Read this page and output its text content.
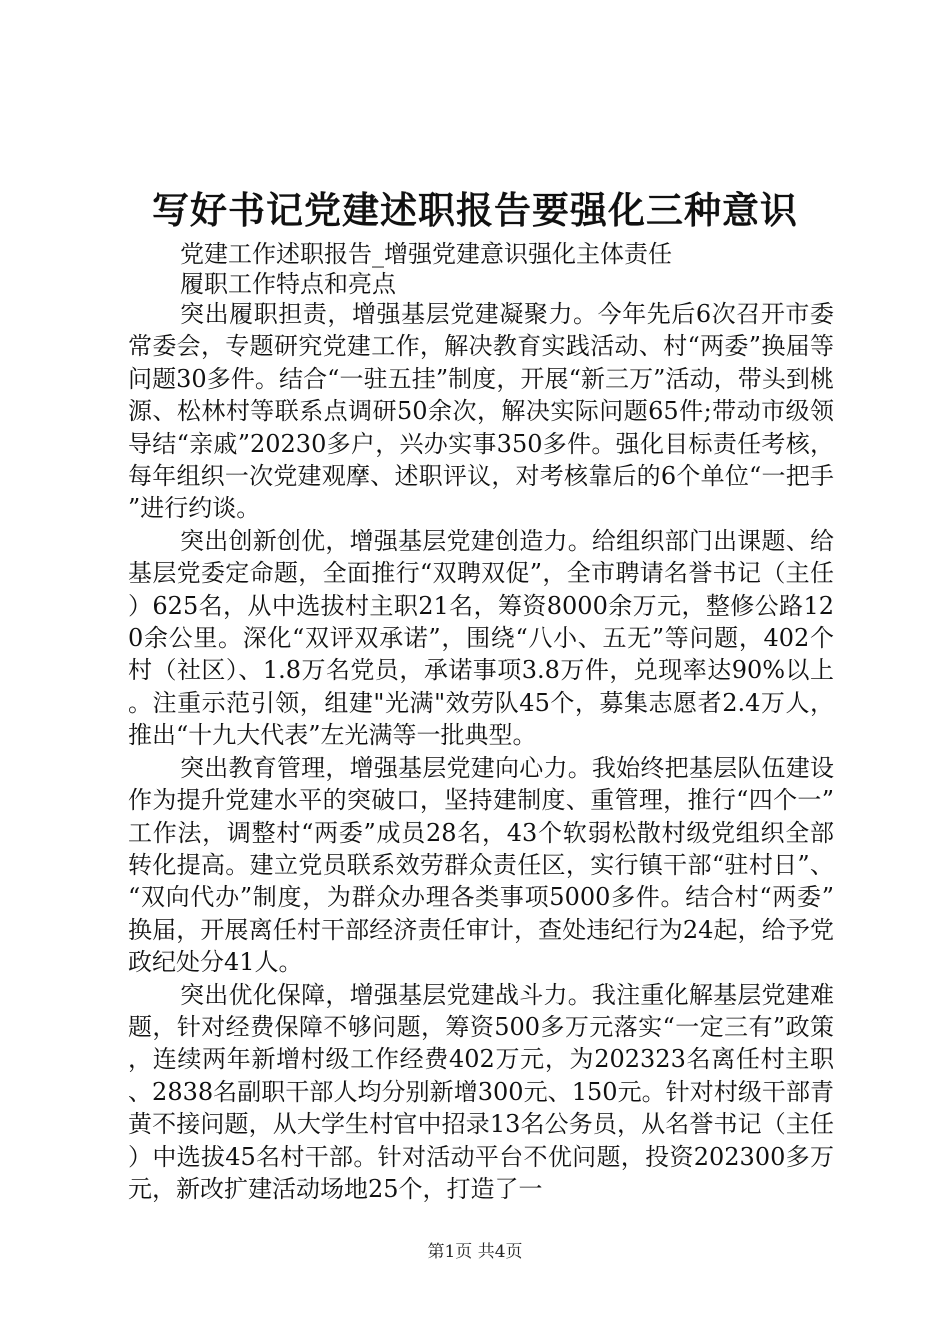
写好书记党建述职报告要强化三种意识
党建工作述职报告_增强党建意识强化主体责任
履职工作特点和亮点

突出履职担责，增强基层党建凝聚力。今年先后6次召开市委常委会，专题研究党建工作，解决教育实践活动、村“两委”换届等问题30多件。结合“一驻五挂”制度，开展“新三万”活动，带头到桃源、松林村等联系点调研50余次，解决实际问题65件;带动市级领导结“亲戚”20230多户，兴办实事350多件。强化目标责任考核，每年组织一次党建观摩、述职评议，对考核靠后的6个单位“一把手”进行约谈。

突出创新创优，增强基层党建创造力。给组织部门出课题、给基层党委定命题，全面推行“双聘双促”，全市聘请名誉书记（主任）625名，从中选拔村主职21名，筹资8000余万元，整修公路120余公里。深化“双评双承诺”，围绕“八小、五无”等问题，402个村（社区）、1.8万名党员，承诺事项3.8万件，兑现率达90%以上。注重示范引领，组建"光满"效劳队45个，募集志愿者2.4万人，推出“十九大代表”左光满等一批典型。

突出教育管理，增强基层党建向心力。我始终把基层队伍建设作为提升党建水平的突破口，坚持建制度、重管理，推行“四个一”工作法，调整村“两委”成员28名，43个软弱松散村级党组织全部转化提高。建立党员联系效劳群众责任区，实行镇干部“驻村日”、“双向代办”制度，为群众办理各类事项5000多件。结合村“两委”换届，开展离任村干部经济责任审计，查处违纪行为24起，给予党政纪处分41人。

突出优化保障，增强基层党建战斗力。我注重化解基层党建难题，针对经费保障不够问题，筹资500多万元落实“一定三有”政策，连续两年新增村级工作经费402万元，为202323名离任村主职、2838名副职干部人均分别新增300元、150元。针对村级干部青黄不接问题，从大学生村官中招录13名公务员，从名誉书记（主任）中选拔45名村干部。针对活动平台不优问题，投资202300多万元，新改扩建活动场地25个，打造了一

第1页 共4页
